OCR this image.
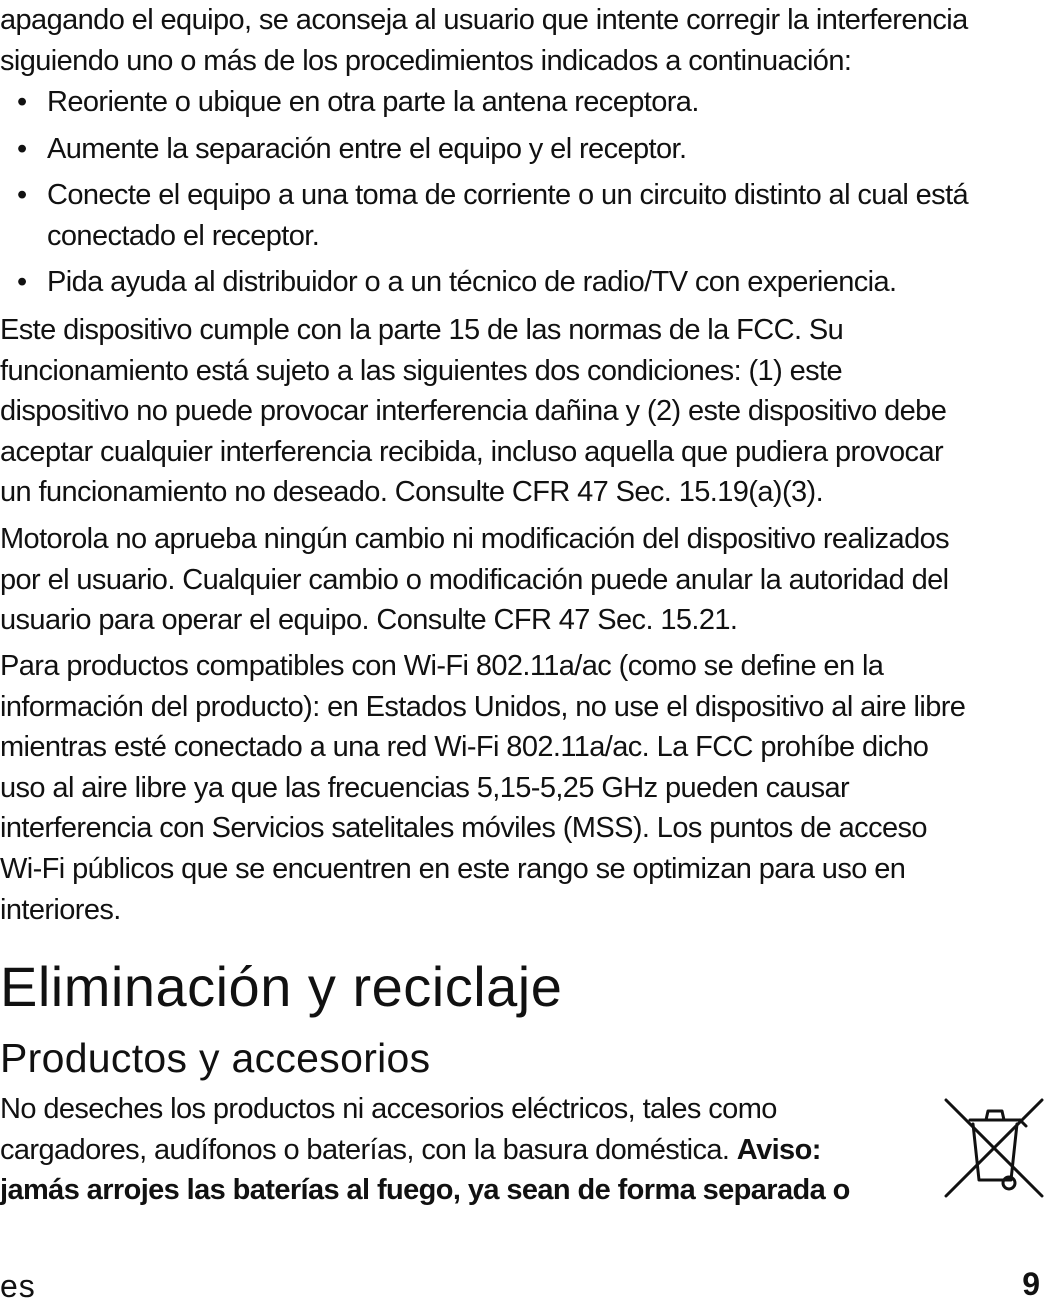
apagando el equipo, se aconseja al usuario que intente corregir la interferencia
siguiendo uno o más de los procedimientos indicados a continuación:

• Reoriente o ubique en otra parte la antena receptora.
• Aumente la separación entre el equipo y el receptor.
• Conecte el equipo a una toma de corriente o un circuito distinto al cual está
conectado el receptor.
• Pida ayuda al distribuidor o a un técnico de radio/TV con experiencia.

Este dispositivo cumple con la parte 15 de las normas de la FCC. Su
funcionamiento está sujeto a las siguientes dos condiciones: (1) este
dispositivo no puede provocar interferencia dañina y (2) este dispositivo debe
aceptar cualquier interferencia recibida, incluso aquella que pudiera provocar
un funcionamiento no deseado. Consulte CFR 47 Sec. 15.19(a)(3).

Motorola no aprueba ningún cambio ni modificación del dispositivo realizados
por el usuario. Cualquier cambio o modificación puede anular la autoridad del
usuario para operar el equipo. Consulte CFR 47 Sec. 15.21.

Para productos compatibles con Wi-Fi 802.11a/ac (como se define en la
información del producto): en Estados Unidos, no use el dispositivo al aire libre
mientras esté conectado a una red Wi-Fi 802.11a/ac. La FCC prohíbe dicho
uso al aire libre ya que las frecuencias 5,15-5,25 GHz pueden causar
interferencia con Servicios satelitales móviles (MSS). Los puntos de acceso
Wi-Fi públicos que se encuentren en este rango se optimizan para uso en
interiores.

Eliminación y reciclaje
Productos y accesorios

No deseches los productos ni accesorios eléctricos, tales como
cargadores, audífonos o baterías, con la basura doméstica. Aviso:
jamás arrojes las baterías al fuego, ya sean de forma separada o

es	9
